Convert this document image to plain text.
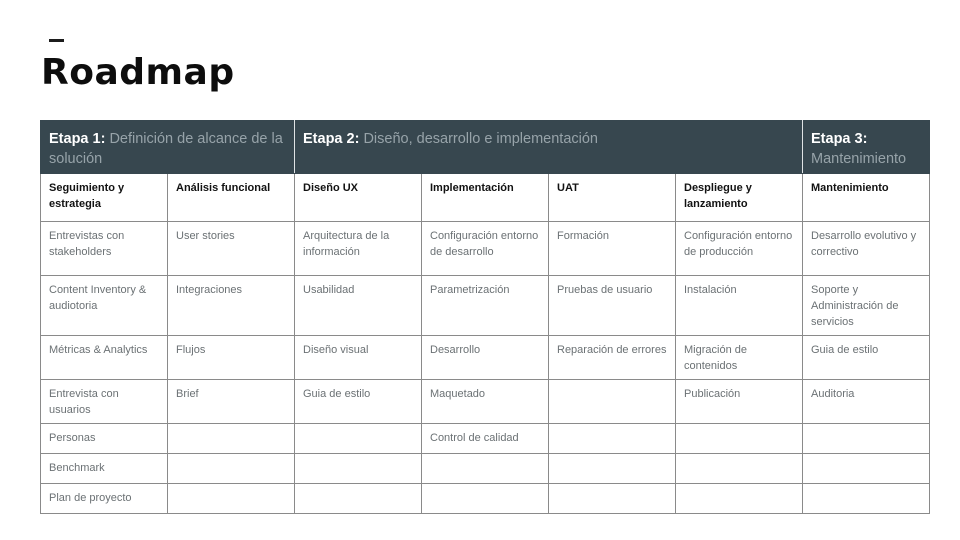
Roadmap
Etapa 1: Definición de alcance de la solución		Etapa 2: Diseño, desarrollo e implementación				Etapa 3: Mantenimiento
Seguimiento y estrategia	Análisis funcional	Diseño UX	Implementación	UAT	Despliegue y lanzamiento	Mantenimiento
Entrevistas con stakeholders	User stories	Arquitectura de la información	Configuración entorno de desarrollo	Formación	Configuración entorno de producción	Desarrollo evolutivo y correctivo
Content Inventory & audiotoria	Integraciones	Usabilidad	Parametrización	Pruebas de usuario	Instalación	Soporte y Administración de servicios
Métricas & Analytics	Flujos	Diseño visual	Desarrollo	Reparación de errores	Migración de contenidos	Guia de estilo
Entrevista con usuarios	Brief	Guia de estilo	Maquetado		Publicación	Auditoria
Personas			Control de calidad			
Benchmark						
Plan de proyecto						
